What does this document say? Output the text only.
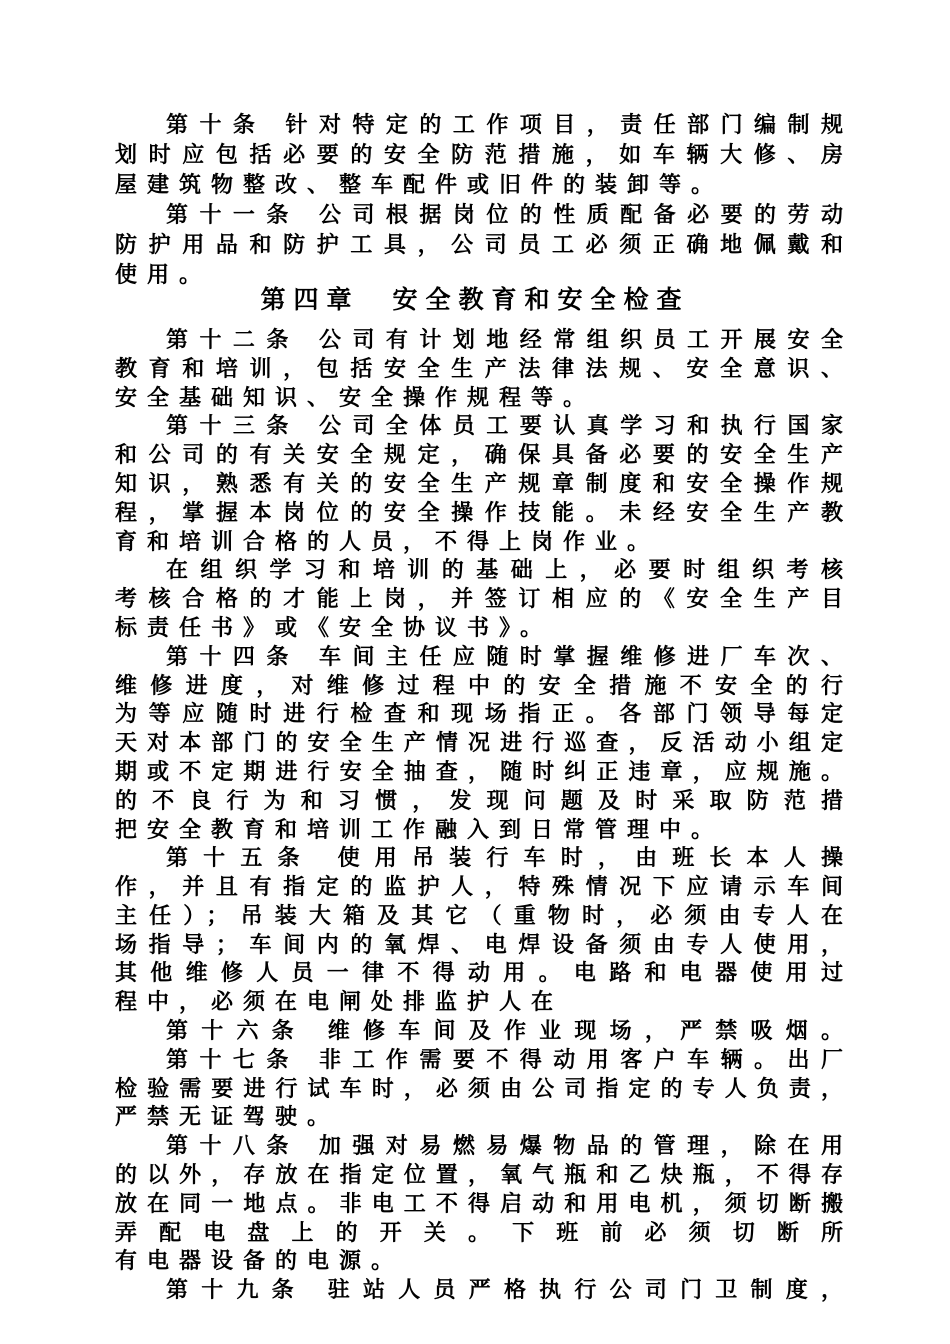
第十条 针对特定的工作项目，责任部门编制规
划时应包括必要的安全防范措施，如车辆大修、房
屋建筑物整改、整车配件或旧件的装卸等。
第十一条 公司根据岗位的性质配备必要的劳动
防护用品和防护工具，公司员工必须正确地佩戴和
使用。
第四章　安全教育和安全检查
第十二条 公司有计划地经常组织员工开展安全
教育和培训，包括安全生产法律法规、安全意识、
安全基础知识、安全操作规程等。
第十三条 公司全体员工要认真学习和执行国家
和公司的有关安全规定，确保具备必要的安全生产
知识，熟悉有关的安全生产规章制度和安全操作规
程，掌握本岗位的安全操作技能。未经安全生产教
育和培训合格的人员，不得上岗作业。
在组织学习和培训的基础上，必要时组织考核
考核合格的才能上岗，并签订相应的《安全生产目
标责任书》或《安全协议书》。
第十四条 车间主任应随时掌握维修进厂车次、
维修进度，对维修过程中的安全措施不安全的行
为等应随时进行检查和现场指正。各部门领导每定
天对本部门的安全生产情况进行巡查，反活动小组定
期或不定期进行安全抽查，随时纠正违章，应规施。
的不良行为和习惯，发现问题及时采取防范措
把安全教育和培训工作融入到日常管理中。
第十五条 使用吊装行车时，由班长本人操
作，并且有指定的监护人，特殊情况下应请示车间
主任）；吊装大箱及其它（重物时，必须由专人在
场指导；车间内的氧焊、电焊设备须由专人使用，
其他维修人员一律不得动用。电路和电器使用过
程中，必须在电闸处排监护人在
第十六条 维修车间及作业现场，严禁吸烟。
第十七条 非工作需要不得动用客户车辆。出厂
检验需要进行试车时，必须由公司指定的专人负责，
严禁无证驾驶。
第十八条 加强对易燃易爆物品的管理，除在用
的以外，存放在指定位置，氧气瓶和乙炔瓶，不得存
放在同一地点。非电工不得启动和用电机，须切断搬
弄配电盘上的开关。下班前必须切断所
有电器设备的电源。
第十九条 驻站人员严格执行公司门卫制度，
